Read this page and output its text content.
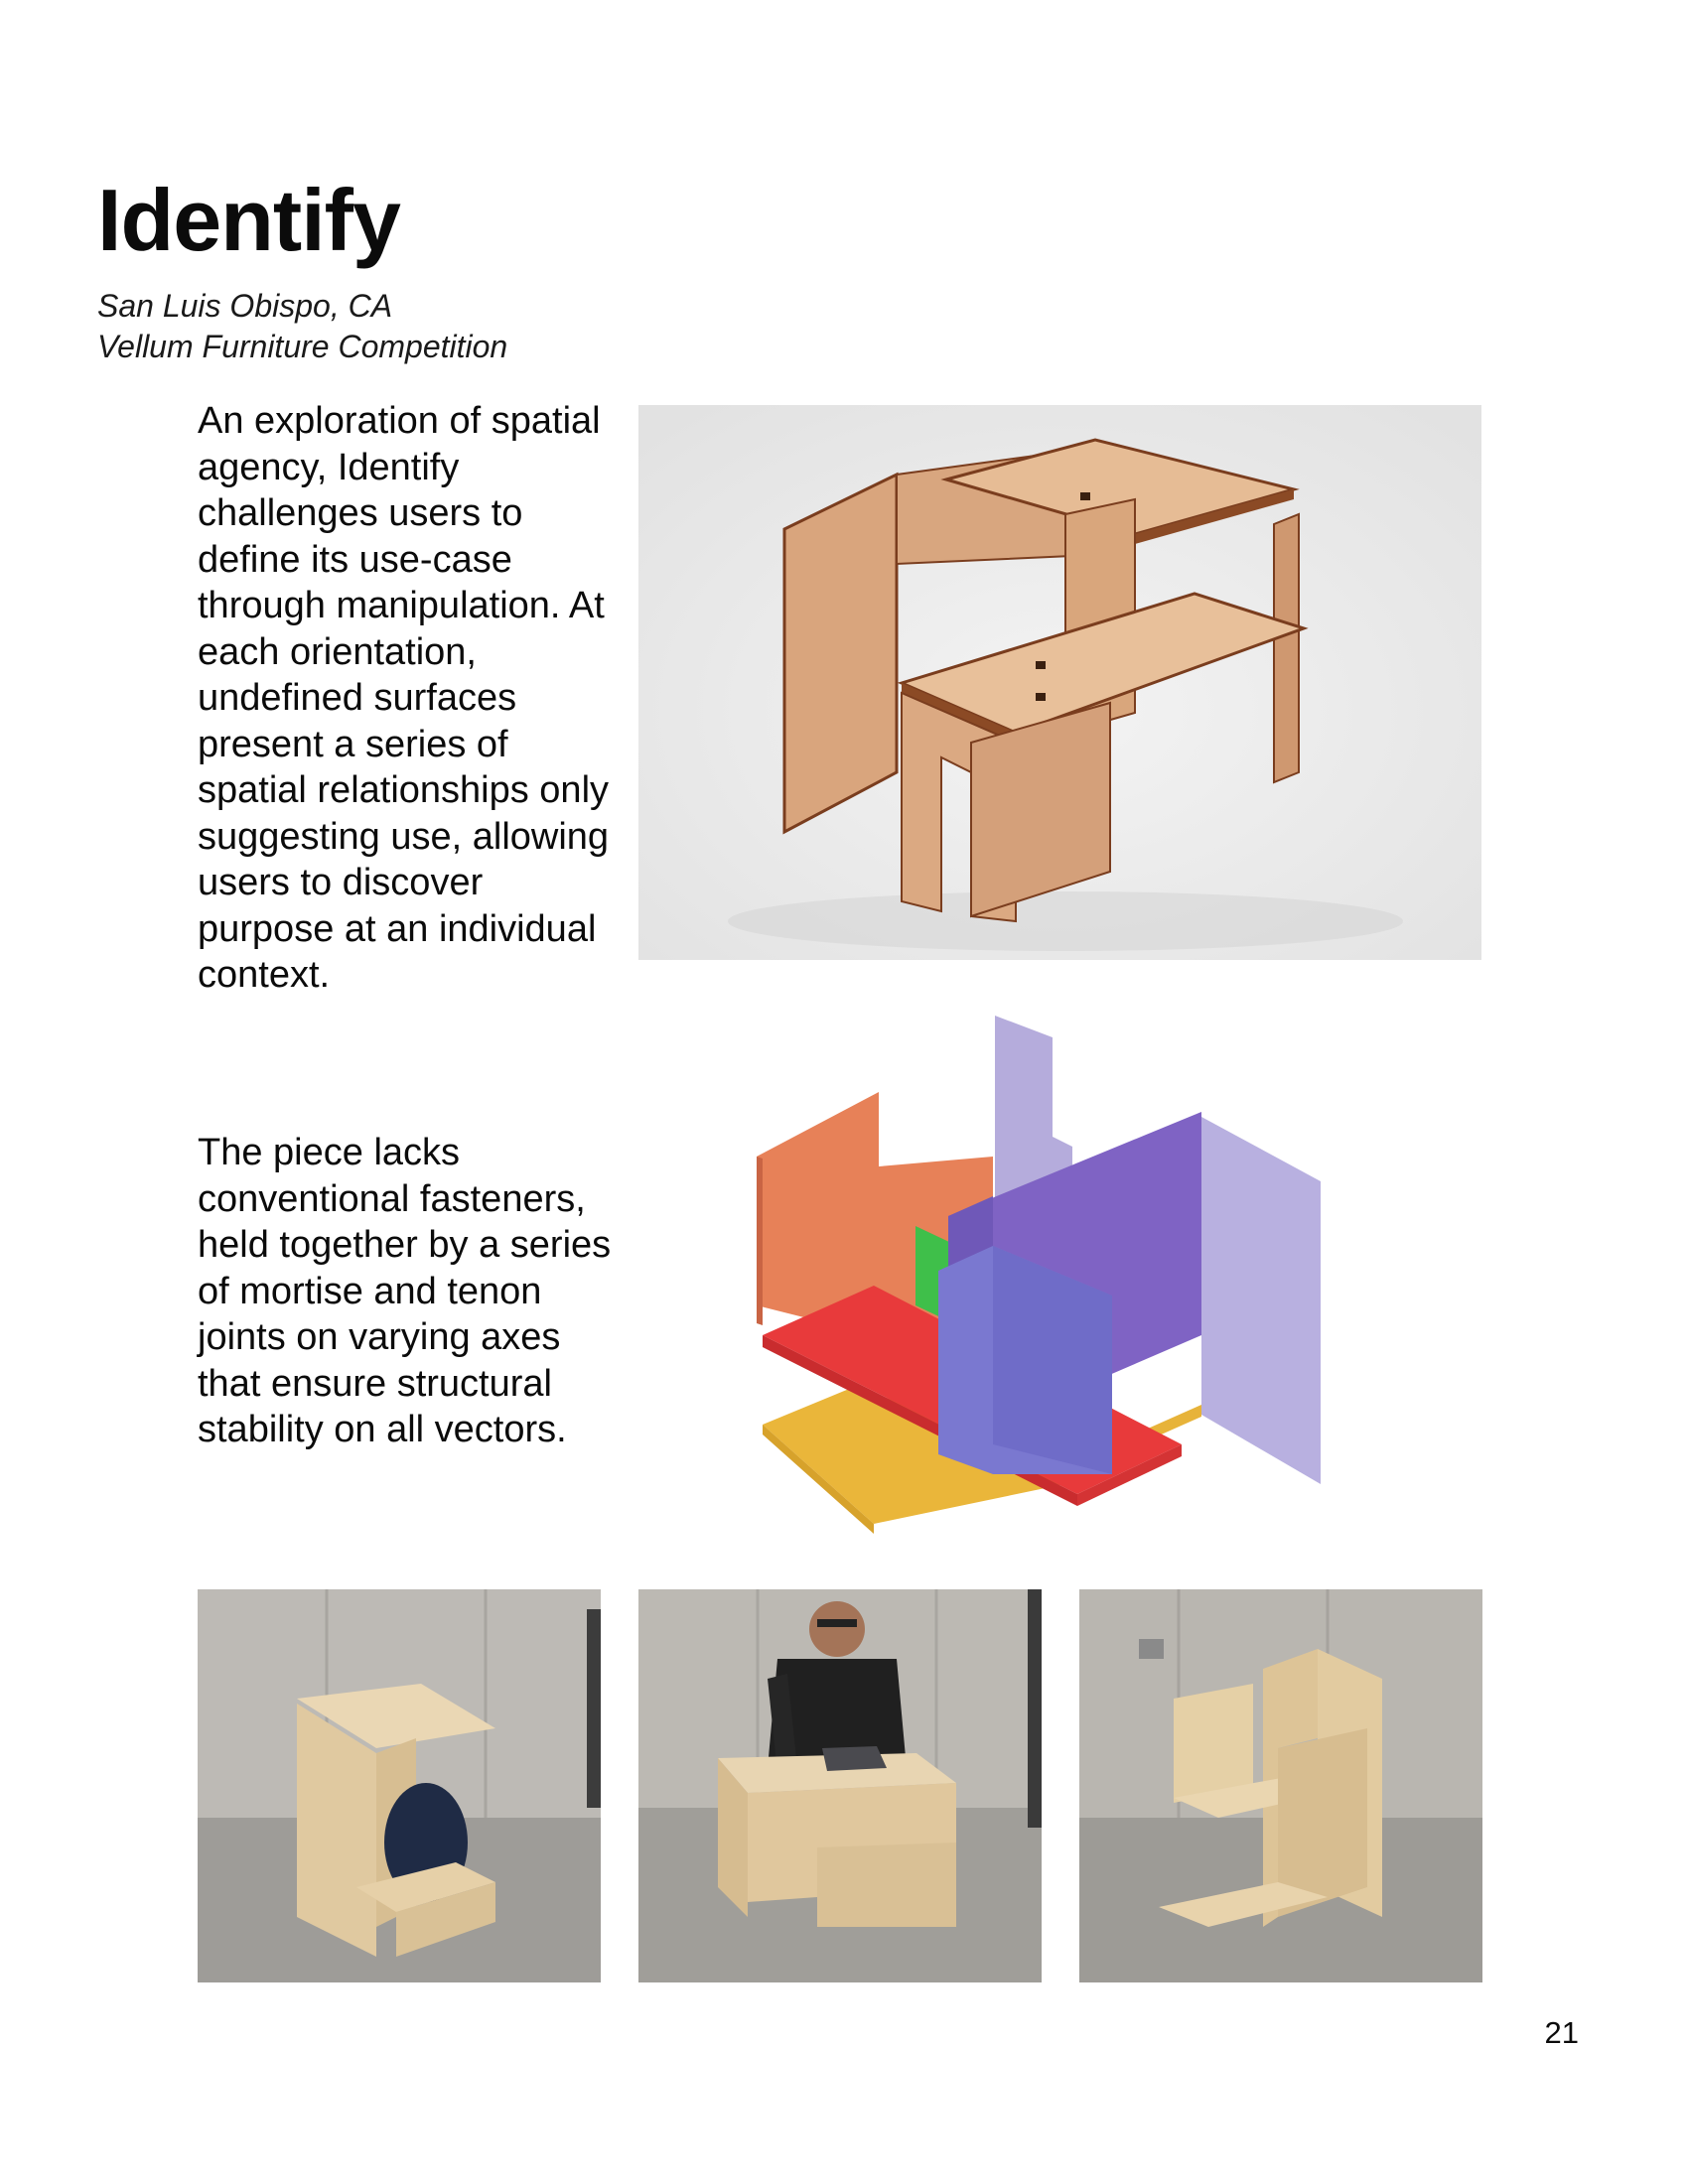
Identify
San Luis Obispo, CA
Vellum Furniture Competition

An exploration of spatial agency, Identify challenges users to define its use-case through manipulation. At each orientation, undefined surfaces present a series of spatial relationships only suggesting use, allowing users to discover purpose at an individual context.

The piece lacks conventional fasteners, held together by a series of mortise and tenon joints on varying axes that ensure structural stability on all vectors.

21
